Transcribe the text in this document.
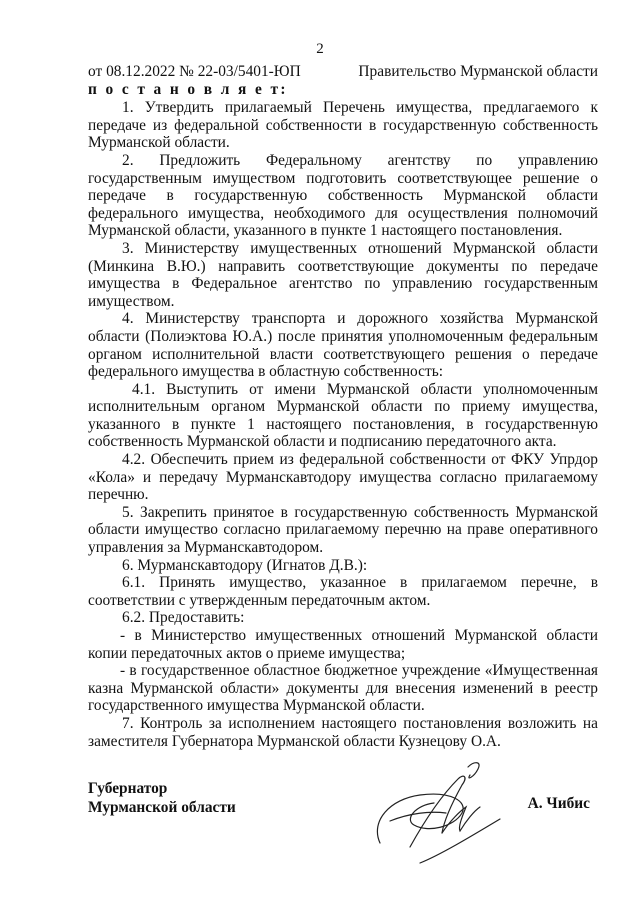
2
от 08.12.2022 № 22-03/5401-ЮП	Правительство Мурманской области
п о с т а н о в л я е т:
1. Утвердить прилагаемый Перечень имущества, предлагаемого к передаче из федеральной собственности в государственную собственность Мурманской области.
2. Предложить Федеральному агентству по управлению государственным имуществом подготовить соответствующее решение о передаче в государственную собственность Мурманской области федерального имущества, необходимого для осуществления полномочий Мурманской области, указанного в пункте 1 настоящего постановления.
3. Министерству имущественных отношений Мурманской области (Минкина В.Ю.) направить соответствующие документы по передаче имущества в Федеральное агентство по управлению государственным имуществом.
4. Министерству транспорта и дорожного хозяйства Мурманской области (Полиэктова Ю.А.) после принятия уполномоченным федеральным органом исполнительной власти соответствующего решения о передаче федерального имущества в областную собственность:
4.1. Выступить от имени Мурманской области уполномоченным исполнительным органом Мурманской области по приему имущества, указанного в пункте 1 настоящего постановления, в государственную собственность Мурманской области и подписанию передаточного акта.
4.2. Обеспечить прием из федеральной собственности от ФКУ Упрдор «Кола» и передачу Мурманскавтодору имущества согласно прилагаемому перечню.
5. Закрепить принятое в государственную собственность Мурманской области имущество согласно прилагаемому перечню на праве оперативного управления за Мурманскавтодором.
6. Мурманскавтодору (Игнатов Д.В.):
6.1. Принять имущество, указанное в прилагаемом перечне, в соответствии с утвержденным передаточным актом.
6.2. Предоставить:
- в Министерство имущественных отношений Мурманской области копии передаточных актов о приеме имущества;
- в государственное областное бюджетное учреждение «Имущественная казна Мурманской области» документы для внесения изменений в реестр государственного имущества Мурманской области.
7. Контроль за исполнением настоящего постановления возложить на заместителя Губернатора Мурманской области Кузнецову О.А.
Губернатор
Мурманской области	А. Чибис
